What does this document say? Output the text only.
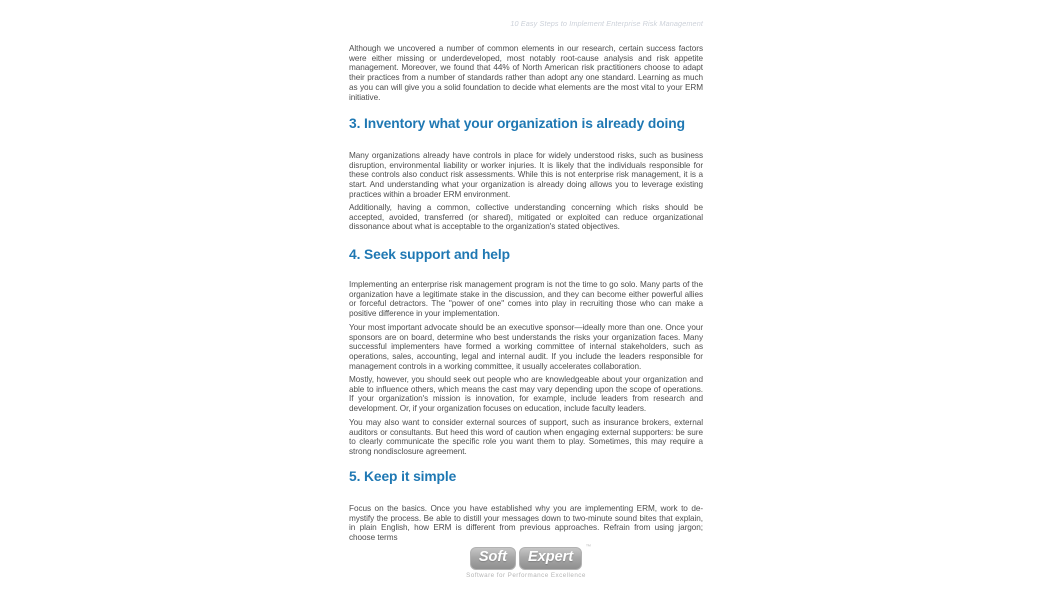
10 Easy Steps to Implement Enterprise Risk Management
Although we uncovered a number of common elements in our research, certain success factors were either missing or underdeveloped, most notably root-cause analysis and risk appetite management. Moreover, we found that 44% of North American risk practitioners choose to adapt their practices from a number of standards rather than adopt any one standard. Learning as much as you can will give you a solid foundation to decide what elements are the most vital to your ERM initiative.
3. Inventory what your organization is already doing
Many organizations already have controls in place for widely understood risks, such as business disruption, environmental liability or worker injuries. It is likely that the individuals responsible for these controls also conduct risk assessments. While this is not enterprise risk management, it is a start. And understanding what your organization is already doing allows you to leverage existing practices within a broader ERM environment.
Additionally, having a common, collective understanding concerning which risks should be accepted, avoided, transferred (or shared), mitigated or exploited can reduce organizational dissonance about what is acceptable to the organization's stated objectives.
4. Seek support and help
Implementing an enterprise risk management program is not the time to go solo. Many parts of the organization have a legitimate stake in the discussion, and they can become either powerful allies or forceful detractors. The "power of one" comes into play in recruiting those who can make a positive difference in your implementation.
Your most important advocate should be an executive sponsor—ideally more than one. Once your sponsors are on board, determine who best understands the risks your organization faces. Many successful implementers have formed a working committee of internal stakeholders, such as operations, sales, accounting, legal and internal audit. If you include the leaders responsible for management controls in a working committee, it usually accelerates collaboration.
Mostly, however, you should seek out people who are knowledgeable about your organization and able to influence others, which means the cast may vary depending upon the scope of operations. If your organization's mission is innovation, for example, include leaders from research and development. Or, if your organization focuses on education, include faculty leaders.
You may also want to consider external sources of support, such as insurance brokers, external auditors or consultants. But heed this word of caution when engaging external supporters: be sure to clearly communicate the specific role you want them to play. Sometimes, this may require a strong nondisclosure agreement.
5. Keep it simple
Focus on the basics. Once you have established why you are implementing ERM, work to de-mystify the process. Be able to distill your messages down to two-minute sound bites that explain, in plain English, how ERM is different from previous approaches. Refrain from using jargon; choose terms
Soft	Expert
™
Software for Performance Excellence
